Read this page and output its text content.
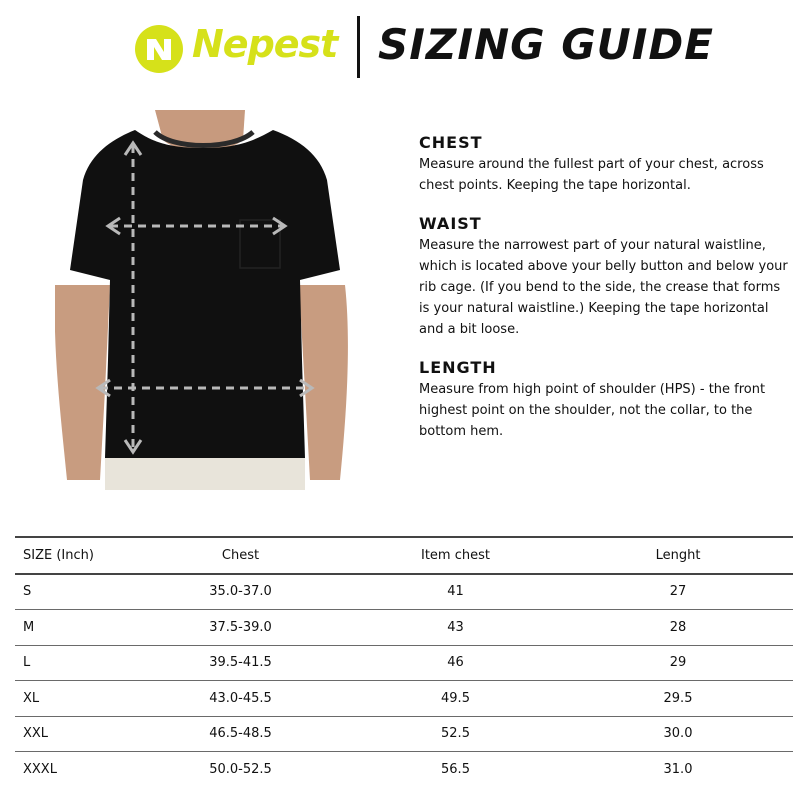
Nepest SIZING GUIDE

CHEST

Measure around the fullest part of your chest, across chest points. Keeping the tape horizontal.

WAIST

Measure the narrowest part of your natural waistline, which is located above your belly button and below your rib cage. (If you bend to the side, the crease that forms is your natural waistline.) Keeping the tape horizontal and a bit loose.

LENGTH

Measure from high point of shoulder (HPS) - the front highest point on the shoulder, not the collar, to the bottom hem.

SIZE (Inch)	Chest	Item chest	Lenght
S	35.0-37.0	41	27
M	37.5-39.0	43	28
L	39.5-41.5	46	29
XL	43.0-45.5	49.5	29.5
XXL	46.5-48.5	52.5	30.0
XXXL	50.0-52.5	56.5	31.0
